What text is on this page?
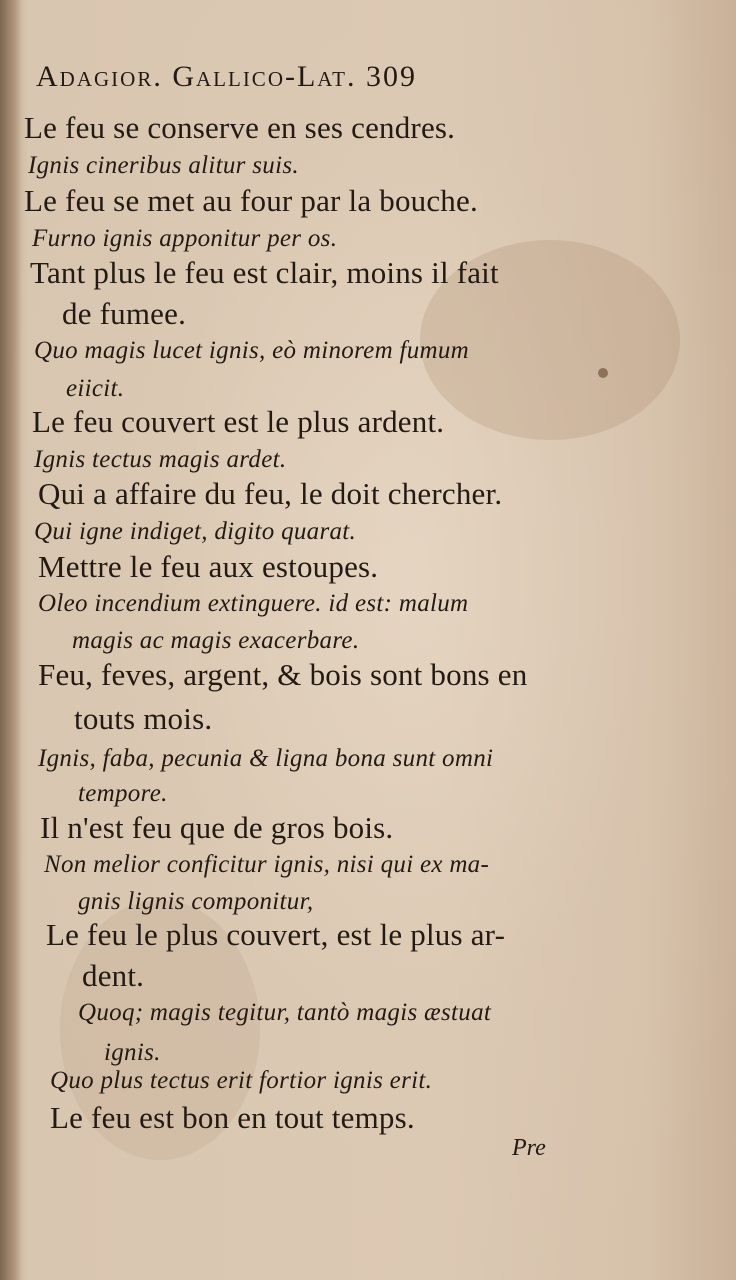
Adagior. Gallico-Lat. 309
Le feu se conserve en ses cendres.
Ignis cineribus alitur suis.
Le feu se met au four par la bouche.
Furno ignis apponitur per os.
Tant plus le feu est clair, moins il fait
de fumee.
Quo magis lucet ignis, eò minorem fumum
eiicit.
Le feu couvert est le plus ardent.
Ignis tectus magis ardet.
Qui a affaire du feu, le doit chercher.
Qui igne indiget, digito quarat.
Mettre le feu aux estoupes.
Oleo incendium extinguere. id est: malum
magis ac magis exacerbare.
Feu, feves, argent, & bois sont bons en
touts mois.
Ignis, faba, pecunia & ligna bona sunt omni
tempore.
Il n'est feu que de gros bois.
Non melior conficitur ignis, nisi qui ex ma-
gnis lignis componitur,
Le feu le plus couvert, est le plus ar-
dent.
Quoq; magis tegitur, tantò magis æstuat
ignis.
Quo plus tectus erit fortior ignis erit.
Le feu est bon en tout temps.
Pre
